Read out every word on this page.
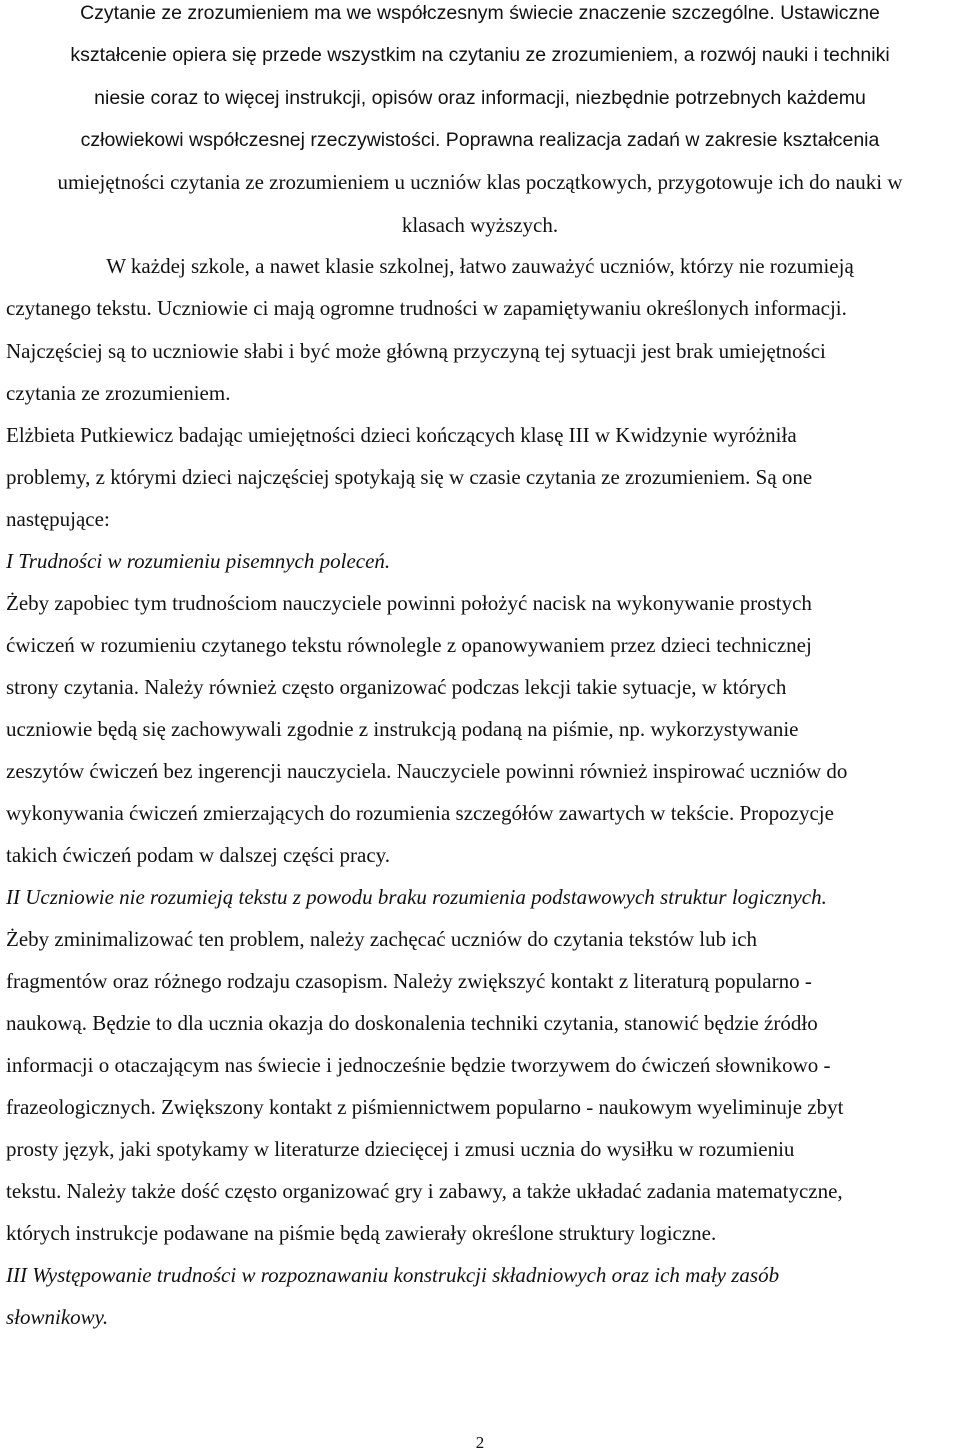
Czytanie ze zrozumieniem ma we współczesnym świecie znaczenie szczególne. Ustawiczne
kształcenie opiera się przede wszystkim na czytaniu ze zrozumieniem, a rozwój nauki i techniki
niesie coraz to więcej instrukcji, opisów oraz informacji, niezbędnie potrzebnych każdemu
człowiekowi współczesnej rzeczywistości. Poprawna realizacja zadań w zakresie kształcenia
umiejętności czytania ze zrozumieniem u uczniów klas początkowych, przygotowuje ich do nauki w
klasach wyższych.
W każdej szkole, a nawet klasie szkolnej, łatwo zauważyć uczniów, którzy nie rozumieją
czytanego tekstu. Uczniowie ci mają ogromne trudności w zapamiętywaniu określonych informacji.
Najczęściej są to uczniowie słabi i być może główną przyczyną tej sytuacji jest brak umiejętności
czytania ze zrozumieniem.
Elżbieta Putkiewicz badając umiejętności dzieci kończących klasę III w Kwidzynie wyróżniła
problemy, z którymi dzieci najczęściej spotykają się w czasie czytania ze zrozumieniem. Są one
następujące:
I Trudności w rozumieniu pisemnych poleceń.
Żeby zapobiec tym trudnościom nauczyciele powinni położyć nacisk na wykonywanie prostych
ćwiczeń w rozumieniu czytanego tekstu równolegle z opanowywaniem przez dzieci technicznej
strony czytania. Należy również często organizować podczas lekcji takie sytuacje, w których
uczniowie będą się zachowywali zgodnie z instrukcją podaną na piśmie, np. wykorzystywanie
zeszytów ćwiczeń bez ingerencji nauczyciela. Nauczyciele powinni również inspirować uczniów do
wykonywania ćwiczeń zmierzających do rozumienia szczegółów zawartych w tekście. Propozycje
takich ćwiczeń podam w dalszej części pracy.
II Uczniowie nie rozumieją tekstu z powodu braku rozumienia podstawowych struktur logicznych.
Żeby zminimalizować ten problem, należy zachęcać uczniów do czytania tekstów lub ich
fragmentów oraz różnego rodzaju czasopism. Należy zwiększyć kontakt z literaturą popularno -
naukową. Będzie to dla ucznia okazja do doskonalenia techniki czytania, stanowić będzie źródło
informacji o otaczającym nas świecie i jednocześnie będzie tworzywem do ćwiczeń słownikowo -
frazeologicznych. Zwiększony kontakt z piśmiennictwem popularno - naukowym wyeliminuje zbyt
prosty język, jaki spotykamy w literaturze dziecięcej i zmusi ucznia do wysiłku w rozumieniu
tekstu. Należy także dość często organizować gry i zabawy, a także układać zadania matematyczne,
których instrukcje podawane na piśmie będą zawierały określone struktury logiczne.
III Występowanie trudności w rozpoznawaniu konstrukcji składniowych oraz ich mały zasób
słownikowy.
2
